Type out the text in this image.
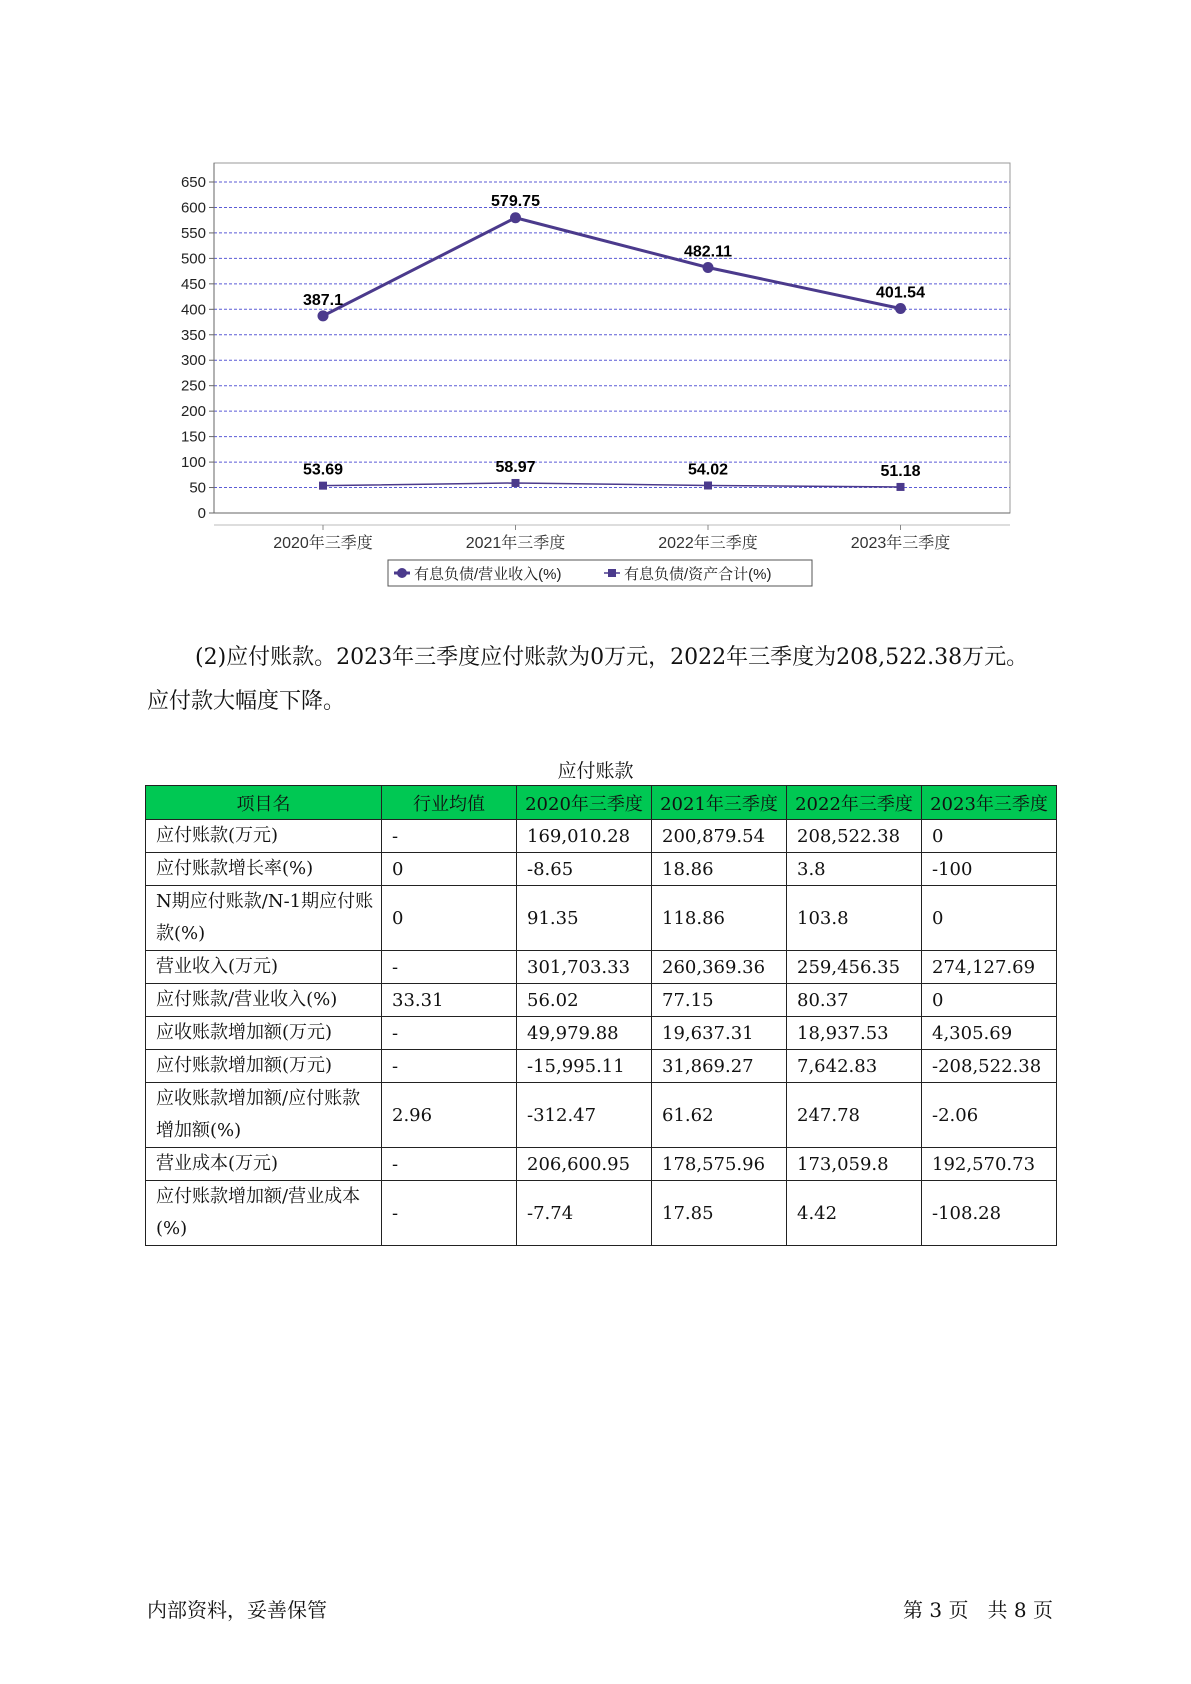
0
50
100
150
200
250
300
350
400
450
500
550
600
650
2020年三季度	2021年三季度	2022年三季度	2023年三季度
387.1
579.75
482.11
401.54
53.69	58.97	54.02	51.18
有息负债/营业收入(%)	有息负债/资产合计(%)

(2)应付账款。2023年三季度应付账款为0万元，2022年三季度为208,522.38万元。
应付款大幅度下降。

应付账款
项目名	行业均值	2020年三季度	2021年三季度	2022年三季度	2023年三季度
应付账款(万元)	-	169,010.28	200,879.54	208,522.38	0
应付账款增长率(%)	0	-8.65	18.86	3.8	-100
N期应付账款/N-1期应付账款(%)	0	91.35	118.86	103.8	0
营业收入(万元)	-	301,703.33	260,369.36	259,456.35	274,127.69
应付账款/营业收入(%)	33.31	56.02	77.15	80.37	0
应收账款增加额(万元)	-	49,979.88	19,637.31	18,937.53	4,305.69
应付账款增加额(万元)	-	-15,995.11	31,869.27	7,642.83	-208,522.38
应收账款增加额/应付账款增加额(%)	2.96	-312.47	61.62	247.78	-2.06
营业成本(万元)	-	206,600.95	178,575.96	173,059.8	192,570.73
应付账款增加额/营业成本(%)	-	-7.74	17.85	4.42	-108.28
内部资料，妥善保管	第 3 页   共 8 页
